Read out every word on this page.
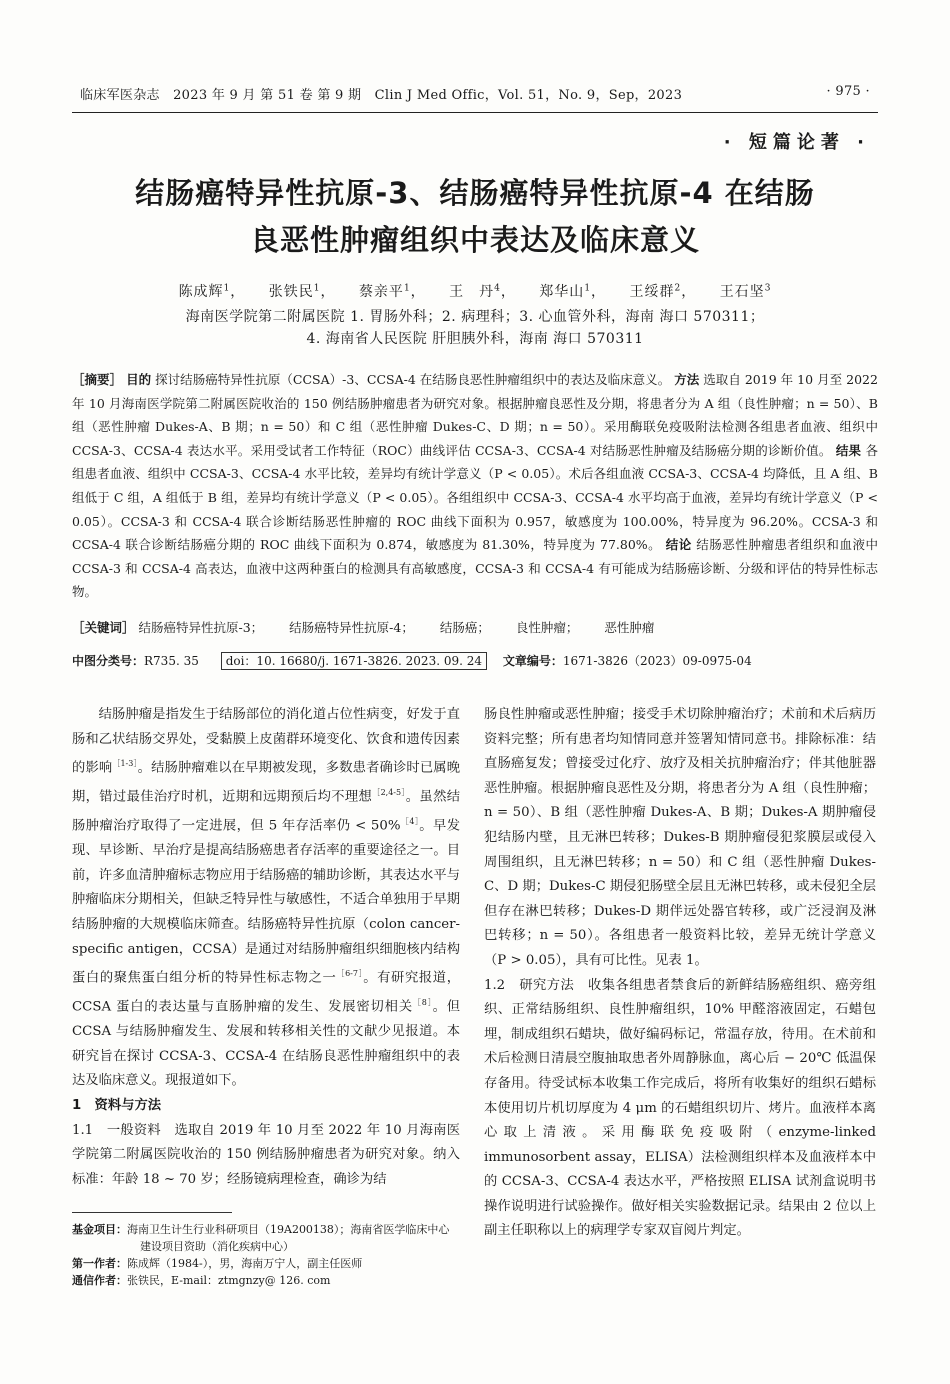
临床军医杂志　2023 年 9 月 第 51 卷 第 9 期　Clin J Med Offic，Vol. 51，No. 9，Sep，2023	· 975 ·
· 短篇论著 ·
结肠癌特异性抗原-3、结肠癌特异性抗原-4 在结肠
良恶性肿瘤组织中表达及临床意义
陈成辉$^1$， 张铁民$^1$， 蔡亲平$^1$， 王　丹$^4$， 郑华山$^1$， 王绥群$^2$， 王石坚$^3$
海南医学院第二附属医院 1. 胃肠外科；2. 病理科；3. 心血管外科，海南 海口 570311；
4. 海南省人民医院 肝胆胰外科，海南 海口 570311
［摘要］ 目的 探讨结肠癌特异性抗原（CCSA）-3、CCSA-4 在结肠良恶性肿瘤组织中的表达及临床意义。 方法 选取自 2019 年 10 月至 2022 年 10 月海南医学院第二附属医院收治的 150 例结肠肿瘤患者为研究对象。根据肿瘤良恶性及分期，将患者分为 A 组（良性肿瘤；n = 50）、B 组（恶性肿瘤 Dukes-A、B 期；n = 50）和 C 组（恶性肿瘤 Dukes-C、D 期；n = 50）。采用酶联免疫吸附法检测各组患者血液、组织中 CCSA-3、CCSA-4 表达水平。采用受试者工作特征（ROC）曲线评估 CCSA-3、CCSA-4 对结肠恶性肿瘤及结肠癌分期的诊断价值。 结果 各组患者血液、组织中 CCSA-3、CCSA-4 水平比较，差异均有统计学意义（P < 0.05）。术后各组血液 CCSA-3、CCSA-4 均降低，且 A 组、B 组低于 C 组，A 组低于 B 组，差异均有统计学意义（P < 0.05）。各组组织中 CCSA-3、CCSA-4 水平均高于血液，差异均有统计学意义（P < 0.05）。CCSA-3 和 CCSA-4 联合诊断结肠恶性肿瘤的 ROC 曲线下面积为 0.957，敏感度为 100.00%，特异度为 96.20%。CCSA-3 和 CCSA-4 联合诊断结肠癌分期的 ROC 曲线下面积为 0.874，敏感度为 81.30%，特异度为 77.80%。 结论 结肠恶性肿瘤患者组织和血液中 CCSA-3 和 CCSA-4 高表达，血液中这两种蛋白的检测具有高敏感度，CCSA-3 和 CCSA-4 有可能成为结肠癌诊断、分级和评估的特异性标志物。
［关键词］ 结肠癌特异性抗原-3； 结肠癌特异性抗原-4； 结肠癌； 良性肿瘤； 恶性肿瘤
中图分类号：R735. 35 doi：10. 16680/j. 1671-3826. 2023. 09. 24 文章编号：1671-3826（2023）09-0975-04

结肠肿瘤是指发生于结肠部位的消化道占位性病变，好发于直肠和乙状结肠交界处，受黏膜上皮菌群环境变化、饮食和遗传因素的影响$^{[1-3]}$。结肠肿瘤难以在早期被发现，多数患者确诊时已属晚期，错过最佳治疗时机，近期和远期预后均不理想$^{[2,4-5]}$。虽然结肠肿瘤治疗取得了一定进展，但 5 年存活率仍 < 50%$^{[4]}$。早发现、早诊断、早治疗是提高结肠癌患者存活率的重要途径之一。目前，许多血清肿瘤标志物应用于结肠癌的辅助诊断，其表达水平与肿瘤临床分期相关，但缺乏特异性与敏感性，不适合单独用于早期结肠肿瘤的大规模临床筛查。结肠癌特异性抗原（colon cancer-specific antigen，CCSA）是通过对结肠肿瘤组织细胞核内结构蛋白的聚焦蛋白组分析的特异性标志物之一$^{[6-7]}$。有研究报道，CCSA 蛋白的表达量与直肠肿瘤的发生、发展密切相关$^{[8]}$。但 CCSA 与结肠肿瘤发生、发展和转移相关性的文献少见报道。本研究旨在探讨 CCSA-3、CCSA-4 在结肠良恶性肿瘤组织中的表达及临床意义。现报道如下。

1　资料与方法

1.1　一般资料　选取自 2019 年 10 月至 2022 年 10 月海南医学院第二附属医院收治的 150 例结肠肿瘤患者为研究对象。纳入标准：年龄 18 ~ 70 岁；经肠镜病理检查，确诊为结

肠良性肿瘤或恶性肿瘤；接受手术切除肿瘤治疗；术前和术后病历资料完整；所有患者均知情同意并签署知情同意书。排除标准：结直肠癌复发；曾接受过化疗、放疗及相关抗肿瘤治疗；伴其他脏器恶性肿瘤。根据肿瘤良恶性及分期，将患者分为 A 组（良性肿瘤；n = 50）、B 组（恶性肿瘤 Dukes-A、B 期；Dukes-A 期肿瘤侵犯结肠内壁，且无淋巴转移；Dukes-B 期肿瘤侵犯浆膜层或侵入周围组织，且无淋巴转移；n = 50）和 C 组（恶性肿瘤 Dukes-C、D 期；Dukes-C 期侵犯肠壁全层且无淋巴转移，或未侵犯全层但存在淋巴转移；Dukes-D 期伴远处器官转移，或广泛浸润及淋巴转移；n = 50）。各组患者一般资料比较，差异无统计学意义（P > 0.05），具有可比性。见表 1。

1.2　研究方法　收集各组患者禁食后的新鲜结肠癌组织、癌旁组织、正常结肠组织、良性肿瘤组织，10% 甲醛溶液固定，石蜡包埋，制成组织石蜡块，做好编码标记，常温存放，待用。在术前和术后检测日清晨空腹抽取患者外周静脉血，离心后 − 20℃ 低温保存备用。待受试标本收集工作完成后，将所有收集好的组织石蜡标本使用切片机切厚度为 4 μm 的石蜡组织切片、烤片。血液样本离心取上清液。采用酶联免疫吸附（enzyme-linked immunosorbent assay，ELISA）法检测组织样本及血液样本中的 CCSA-3、CCSA-4 表达水平，严格按照 ELISA 试剂盒说明书操作说明进行试验操作。做好相关实验数据记录。结果由 2 位以上副主任职称以上的病理学专家双盲阅片判定。

基金项目：海南卫生计生行业科研项目（19A200138）；海南省医学临床中心建设项目资助（消化疾病中心）
第一作者：陈成辉（1984-），男，海南万宁人，副主任医师
通信作者：张铁民，E-mail：ztmgnzy@ 126. com
